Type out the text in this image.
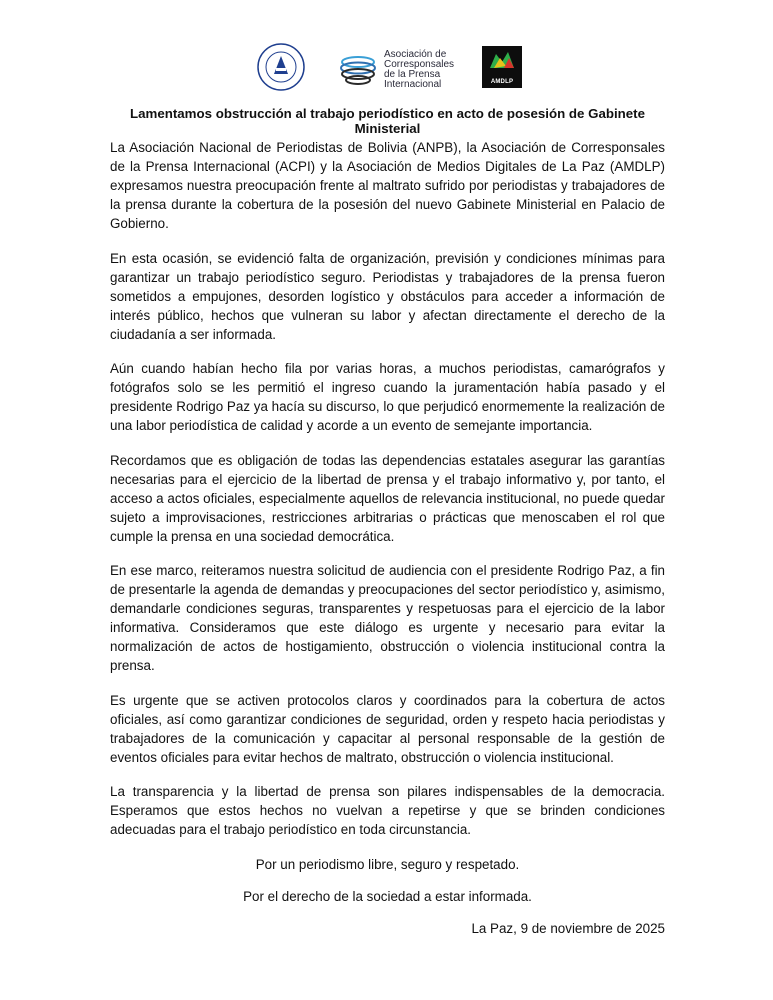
Asociación de
Corresponsales
de la Prensa
Internacional	AMDLP
Lamentamos obstrucción al trabajo periodístico en acto de posesión de Gabinete Ministerial

La Asociación Nacional de Periodistas de Bolivia (ANPB), la Asociación de Corresponsales de la Prensa Internacional (ACPI) y la Asociación de Medios Digitales de La Paz (AMDLP) expresamos nuestra preocupación frente al maltrato sufrido por periodistas y trabajadores de la prensa durante la cobertura de la posesión del nuevo Gabinete Ministerial en Palacio de Gobierno.

En esta ocasión, se evidenció falta de organización, previsión y condiciones mínimas para garantizar un trabajo periodístico seguro. Periodistas y trabajadores de la prensa fueron sometidos a empujones, desorden logístico y obstáculos para acceder a información de interés público, hechos que vulneran su labor y afectan directamente el derecho de la ciudadanía a ser informada.

Aún cuando habían hecho fila por varias horas, a muchos periodistas, camarógrafos y fotógrafos solo se les permitió el ingreso cuando la juramentación había pasado y el presidente Rodrigo Paz ya hacía su discurso, lo que perjudicó enormemente la realización de una labor periodística de calidad y acorde a un evento de semejante importancia.

Recordamos que es obligación de todas las dependencias estatales asegurar las garantías necesarias para el ejercicio de la libertad de prensa y el trabajo informativo y, por tanto, el acceso a actos oficiales, especialmente aquellos de relevancia institucional, no puede quedar sujeto a improvisaciones, restricciones arbitrarias o prácticas que menoscaben el rol que cumple la prensa en una sociedad democrática.

En ese marco, reiteramos nuestra solicitud de audiencia con el presidente Rodrigo Paz, a fin de presentarle la agenda de demandas y preocupaciones del sector periodístico y, asimismo, demandarle condiciones seguras, transparentes y respetuosas para el ejercicio de la labor informativa. Consideramos que este diálogo es urgente y necesario para evitar la normalización de actos de hostigamiento, obstrucción o violencia institucional contra la prensa.

Es urgente que se activen protocolos claros y coordinados para la cobertura de actos oficiales, así como garantizar condiciones de seguridad, orden y respeto hacia periodistas y trabajadores de la comunicación y capacitar al personal responsable de la gestión de eventos oficiales para evitar hechos de maltrato, obstrucción o violencia institucional.

La transparencia y la libertad de prensa son pilares indispensables de la democracia. Esperamos que estos hechos no vuelvan a repetirse y que se brinden condiciones adecuadas para el trabajo periodístico en toda circunstancia.

Por un periodismo libre, seguro y respetado.

Por el derecho de la sociedad a estar informada.

La Paz, 9 de noviembre de 2025
